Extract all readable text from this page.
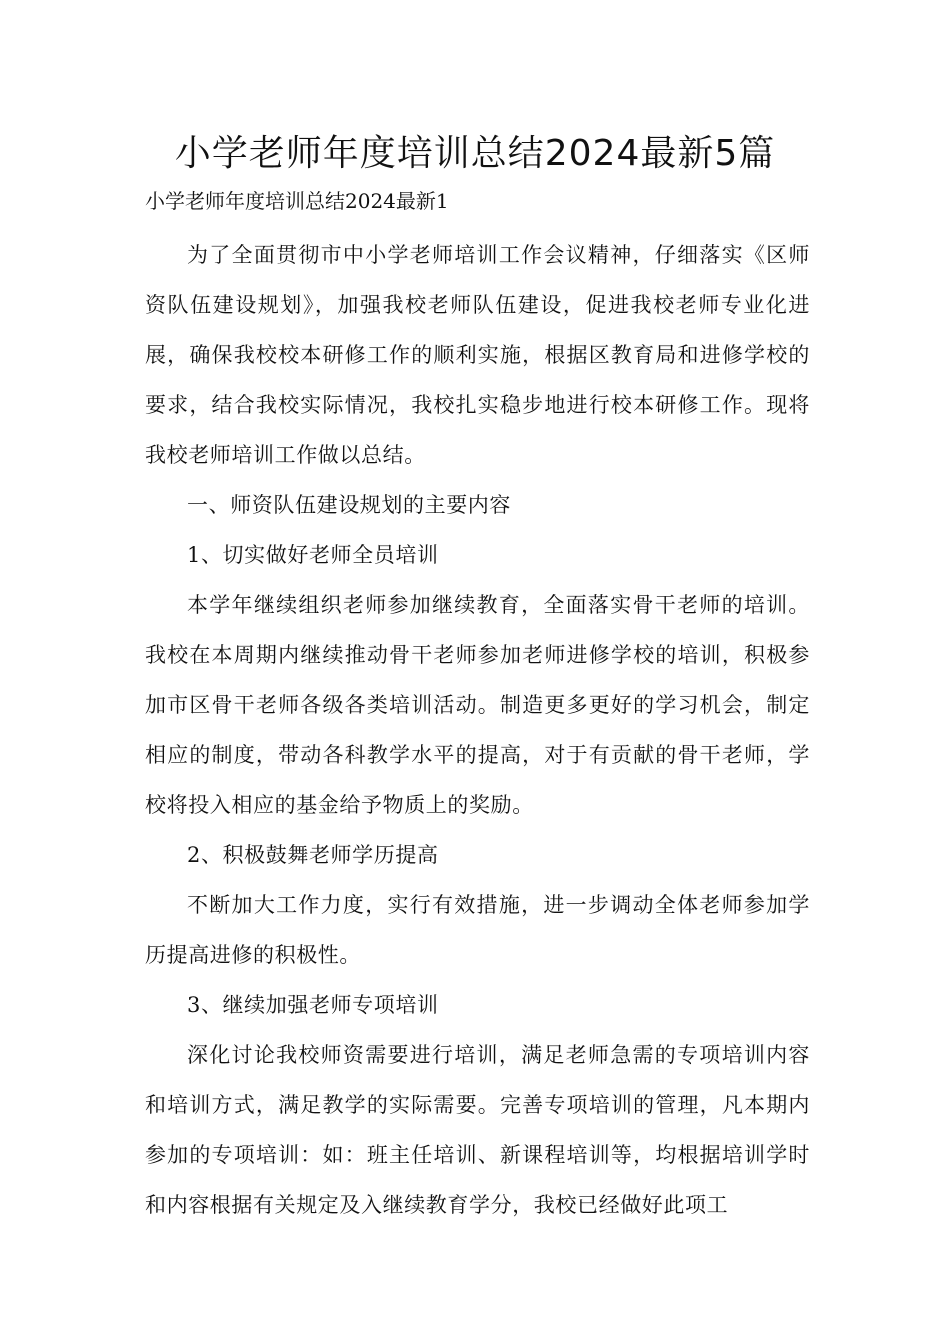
小学老师年度培训总结2024最新5篇
小学老师年度培训总结2024最新1

为了全面贯彻市中小学老师培训工作会议精神，仔细落实《区师资队伍建设规划》，加强我校老师队伍建设，促进我校老师专业化进展，确保我校校本研修工作的顺利实施，根据区教育局和进修学校的要求，结合我校实际情况，我校扎实稳步地进行校本研修工作。现将我校老师培训工作做以总结。

一、师资队伍建设规划的主要内容

1、切实做好老师全员培训

本学年继续组织老师参加继续教育，全面落实骨干老师的培训。我校在本周期内继续推动骨干老师参加老师进修学校的培训，积极参加市区骨干老师各级各类培训活动。制造更多更好的学习机会，制定相应的制度，带动各科教学水平的提高，对于有贡献的骨干老师，学校将投入相应的基金给予物质上的奖励。

2、积极鼓舞老师学历提高

不断加大工作力度，实行有效措施，进一步调动全体老师参加学历提高进修的积极性。

3、继续加强老师专项培训

深化讨论我校师资需要进行培训，满足老师急需的专项培训内容和培训方式，满足教学的实际需要。完善专项培训的管理，凡本期内参加的专项培训：如：班主任培训、新课程培训等，均根据培训学时和内容根据有关规定及入继续教育学分，我校已经做好此项工
